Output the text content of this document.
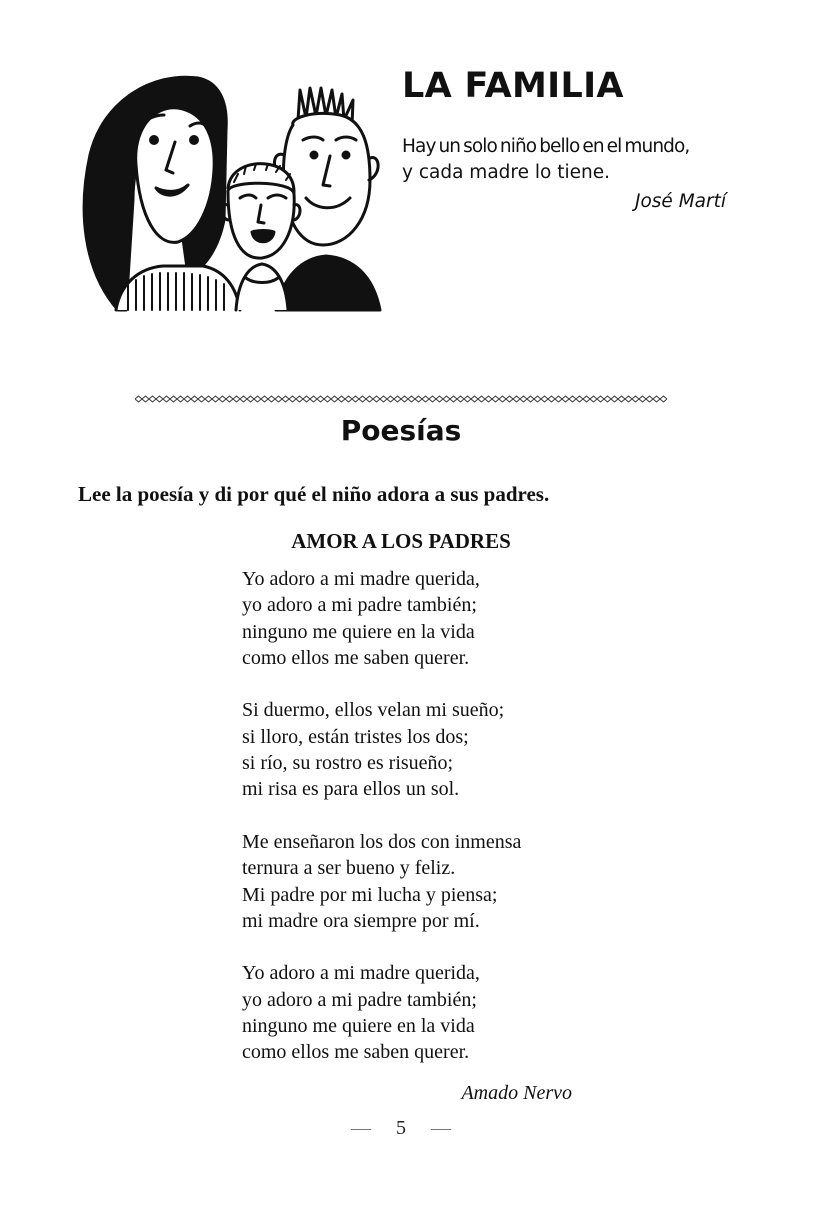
LA FAMILIA
Hay un solo niño bello en el mundo,
y cada madre lo tiene.
José Martí
Poesías

Lee la poesía y di por qué el niño adora a sus padres.

AMOR A LOS PADRES
Yo adoro a mi madre querida,
yo adoro a mi padre también;
ninguno me quiere en la vida
como ellos me saben querer.
Si duermo, ellos velan mi sueño;
si lloro, están tristes los dos;
si río, su rostro es risueño;
mi risa es para ellos un sol.
Me enseñaron los dos con inmensa
ternura a ser bueno y feliz.
Mi padre por mi lucha y piensa;
mi madre ora siempre por mí.
Yo adoro a mi madre querida,
yo adoro a mi padre también;
ninguno me quiere en la vida
como ellos me saben querer.
Amado Nervo
— 5 —
